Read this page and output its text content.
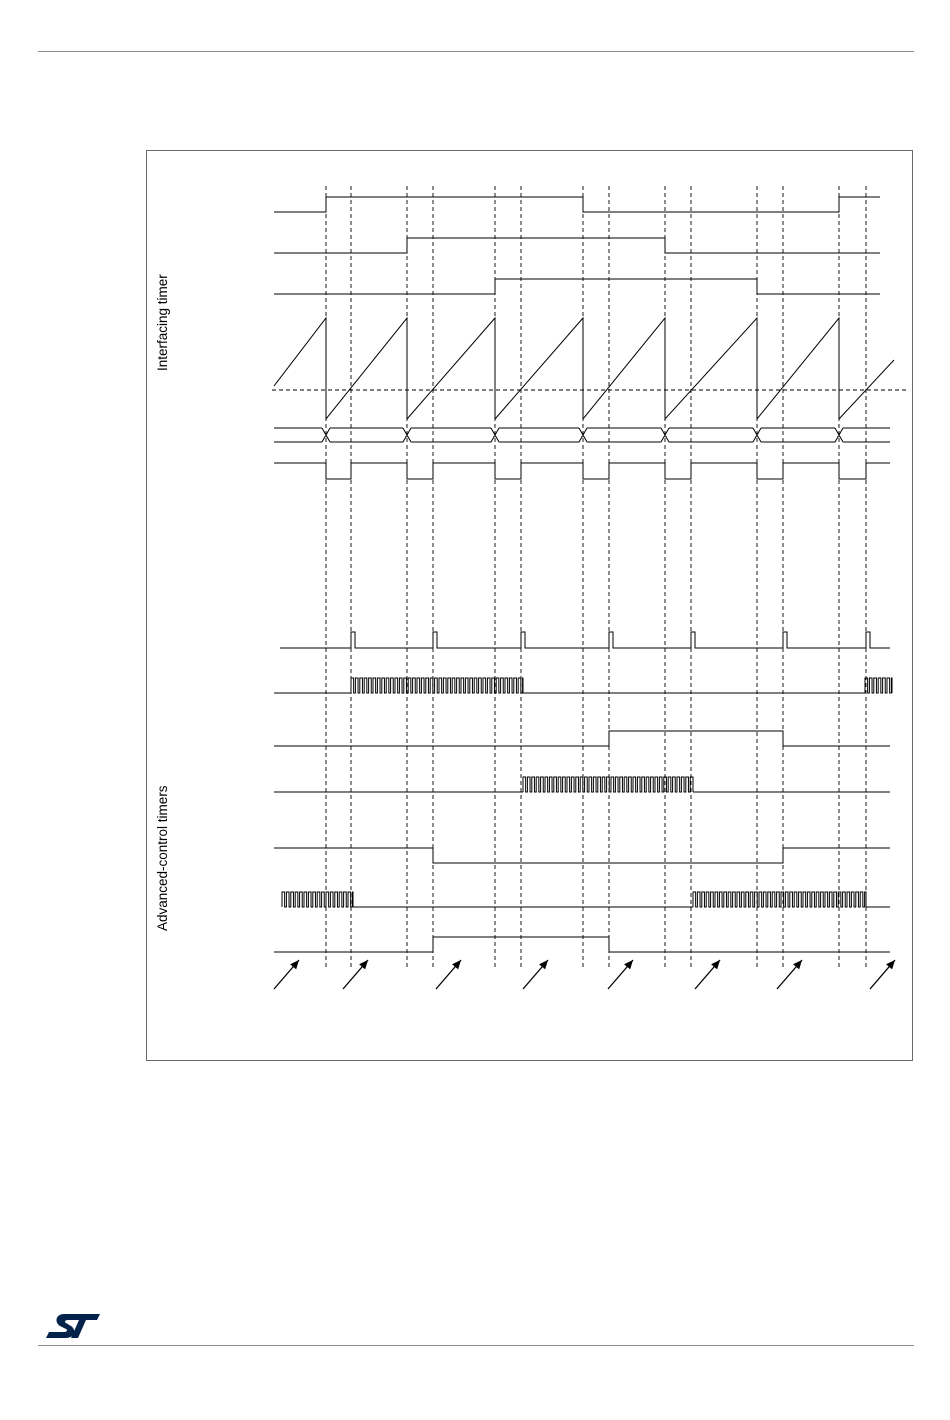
Interfacing timer
Advanced-control timers
